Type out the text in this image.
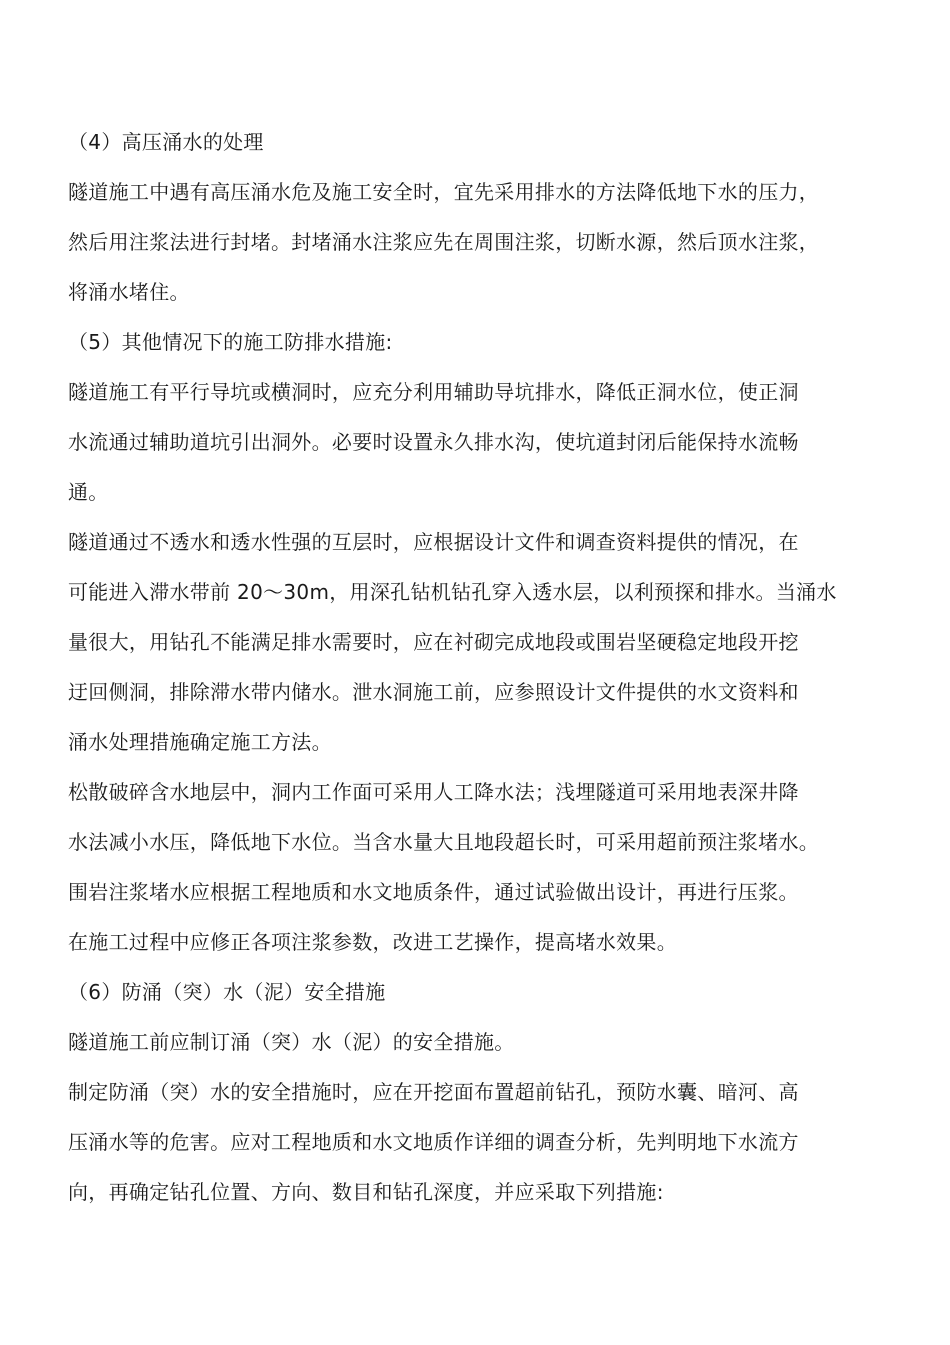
（4）高压涌水的处理
隧道施工中遇有高压涌水危及施工安全时，宜先采用排水的方法降低地下水的压力，
然后用注浆法进行封堵。封堵涌水注浆应先在周围注浆，切断水源，然后顶水注浆，
将涌水堵住。
（5）其他情况下的施工防排水措施:
隧道施工有平行导坑或横洞时，应充分利用辅助导坑排水，降低正洞水位，使正洞
水流通过辅助道坑引出洞外。必要时设置永久排水沟，使坑道封闭后能保持水流畅
通。
隧道通过不透水和透水性强的互层时，应根据设计文件和调查资料提供的情况，在
可能进入滞水带前 20～30m，用深孔钻机钻孔穿入透水层，以利预探和排水。当涌水
量很大，用钻孔不能满足排水需要时，应在衬砌完成地段或围岩坚硬稳定地段开挖
迂回侧洞，排除滞水带内储水。泄水洞施工前，应参照设计文件提供的水文资料和
涌水处理措施确定施工方法。
松散破碎含水地层中，洞内工作面可采用人工降水法；浅埋隧道可采用地表深井降
水法减小水压，降低地下水位。当含水量大且地段超长时，可采用超前预注浆堵水。
围岩注浆堵水应根据工程地质和水文地质条件，通过试验做出设计，再进行压浆。
在施工过程中应修正各项注浆参数，改进工艺操作，提高堵水效果。
（6）防涌（突）水（泥）安全措施
隧道施工前应制订涌（突）水（泥）的安全措施。
制定防涌（突）水的安全措施时，应在开挖面布置超前钻孔，预防水囊、暗河、高
压涌水等的危害。应对工程地质和水文地质作详细的调查分析，先判明地下水流方
向，再确定钻孔位置、方向、数目和钻孔深度，并应采取下列措施:
